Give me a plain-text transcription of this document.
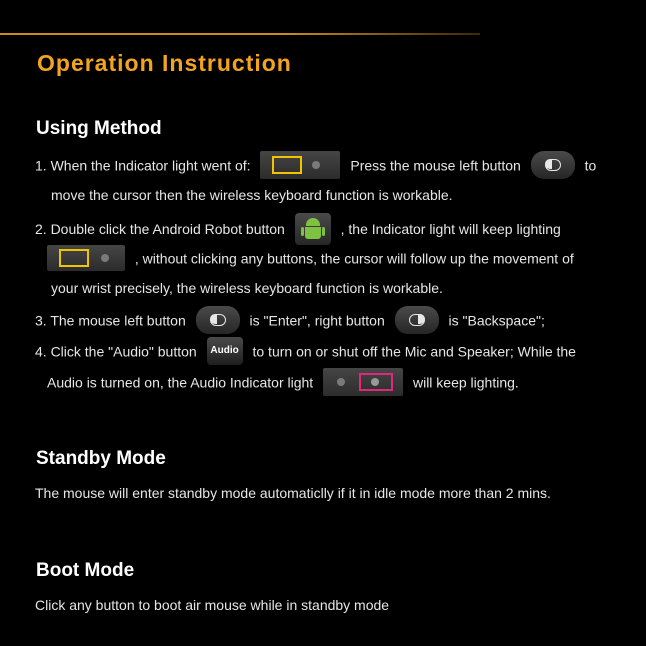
Operation Instruction
Using Method
1. When the Indicator light went of:	Press the mouse left button	to
move the cursor then the wireless keyboard function is workable.
2. Double click the Android Robot button	, the Indicator light will keep lighting
, without clicking any buttons, the cursor will follow up the movement of
your wrist precisely, the wireless keyboard function is workable.
3. The mouse left button	is "Enter", right button	is "Backspace";
4. Click the "Audio" button Audio to turn on or shut off the Mic and Speaker; While the
Audio is turned on, the Audio Indicator light	will keep lighting.
Standby Mode
The mouse will enter standby mode automaticlly if it in idle mode more than 2 mins.
Boot Mode
Click any button to boot air mouse while in standby mode
